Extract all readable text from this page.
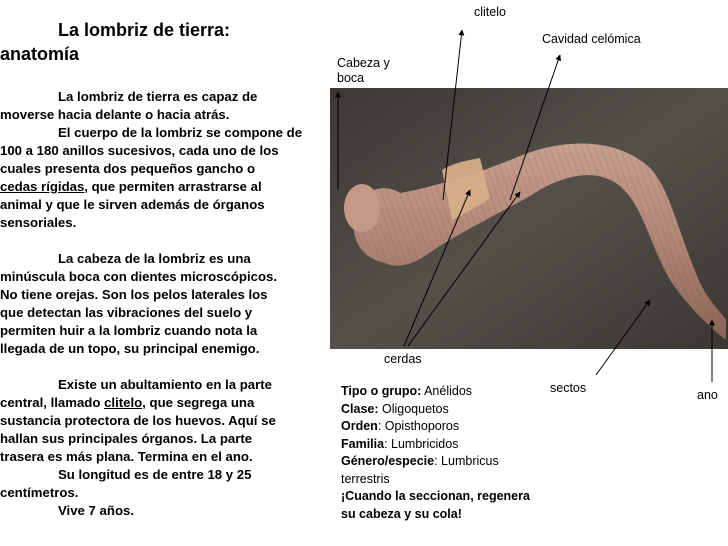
La lombriz de tierra:
anatomía

La lombriz de tierra es capaz de

moverse hacia delante o hacia atrás.

El cuerpo de la lombriz se compone de

100 a 180 anillos sucesivos, cada uno de los

cuales presenta dos pequeños gancho o

cedas rígidas, que permiten arrastrarse al

animal y que le sirven además de órganos

sensoriales.

La cabeza de la lombriz es una

minúscula boca con dientes microscópicos.

No tiene orejas. Son los pelos laterales los

que detectan las vibraciones del suelo y

permiten huir a la lombriz cuando nota la

llegada de un topo, su principal enemigo.

Existe un abultamiento en la parte

central, llamado clitelo, que segrega una

sustancia protectora de los huevos. Aquí se

hallan sus principales órganos. La parte

trasera es más plana. Termina en el ano.

Su longitud es de entre 18 y 25

centímetros.

Vive 7 años.

clitelo
Cavidad celómica
Cabeza y
boca
cerdas
sectos	ano
Tipo o grupo: Anélidos
Clase: Oligoquetos
Orden: Opisthoporos
Familia: Lumbricidos
Género/especie: Lumbricus
terrestris
¡Cuando la seccionan, regenera
su cabeza y su cola!
